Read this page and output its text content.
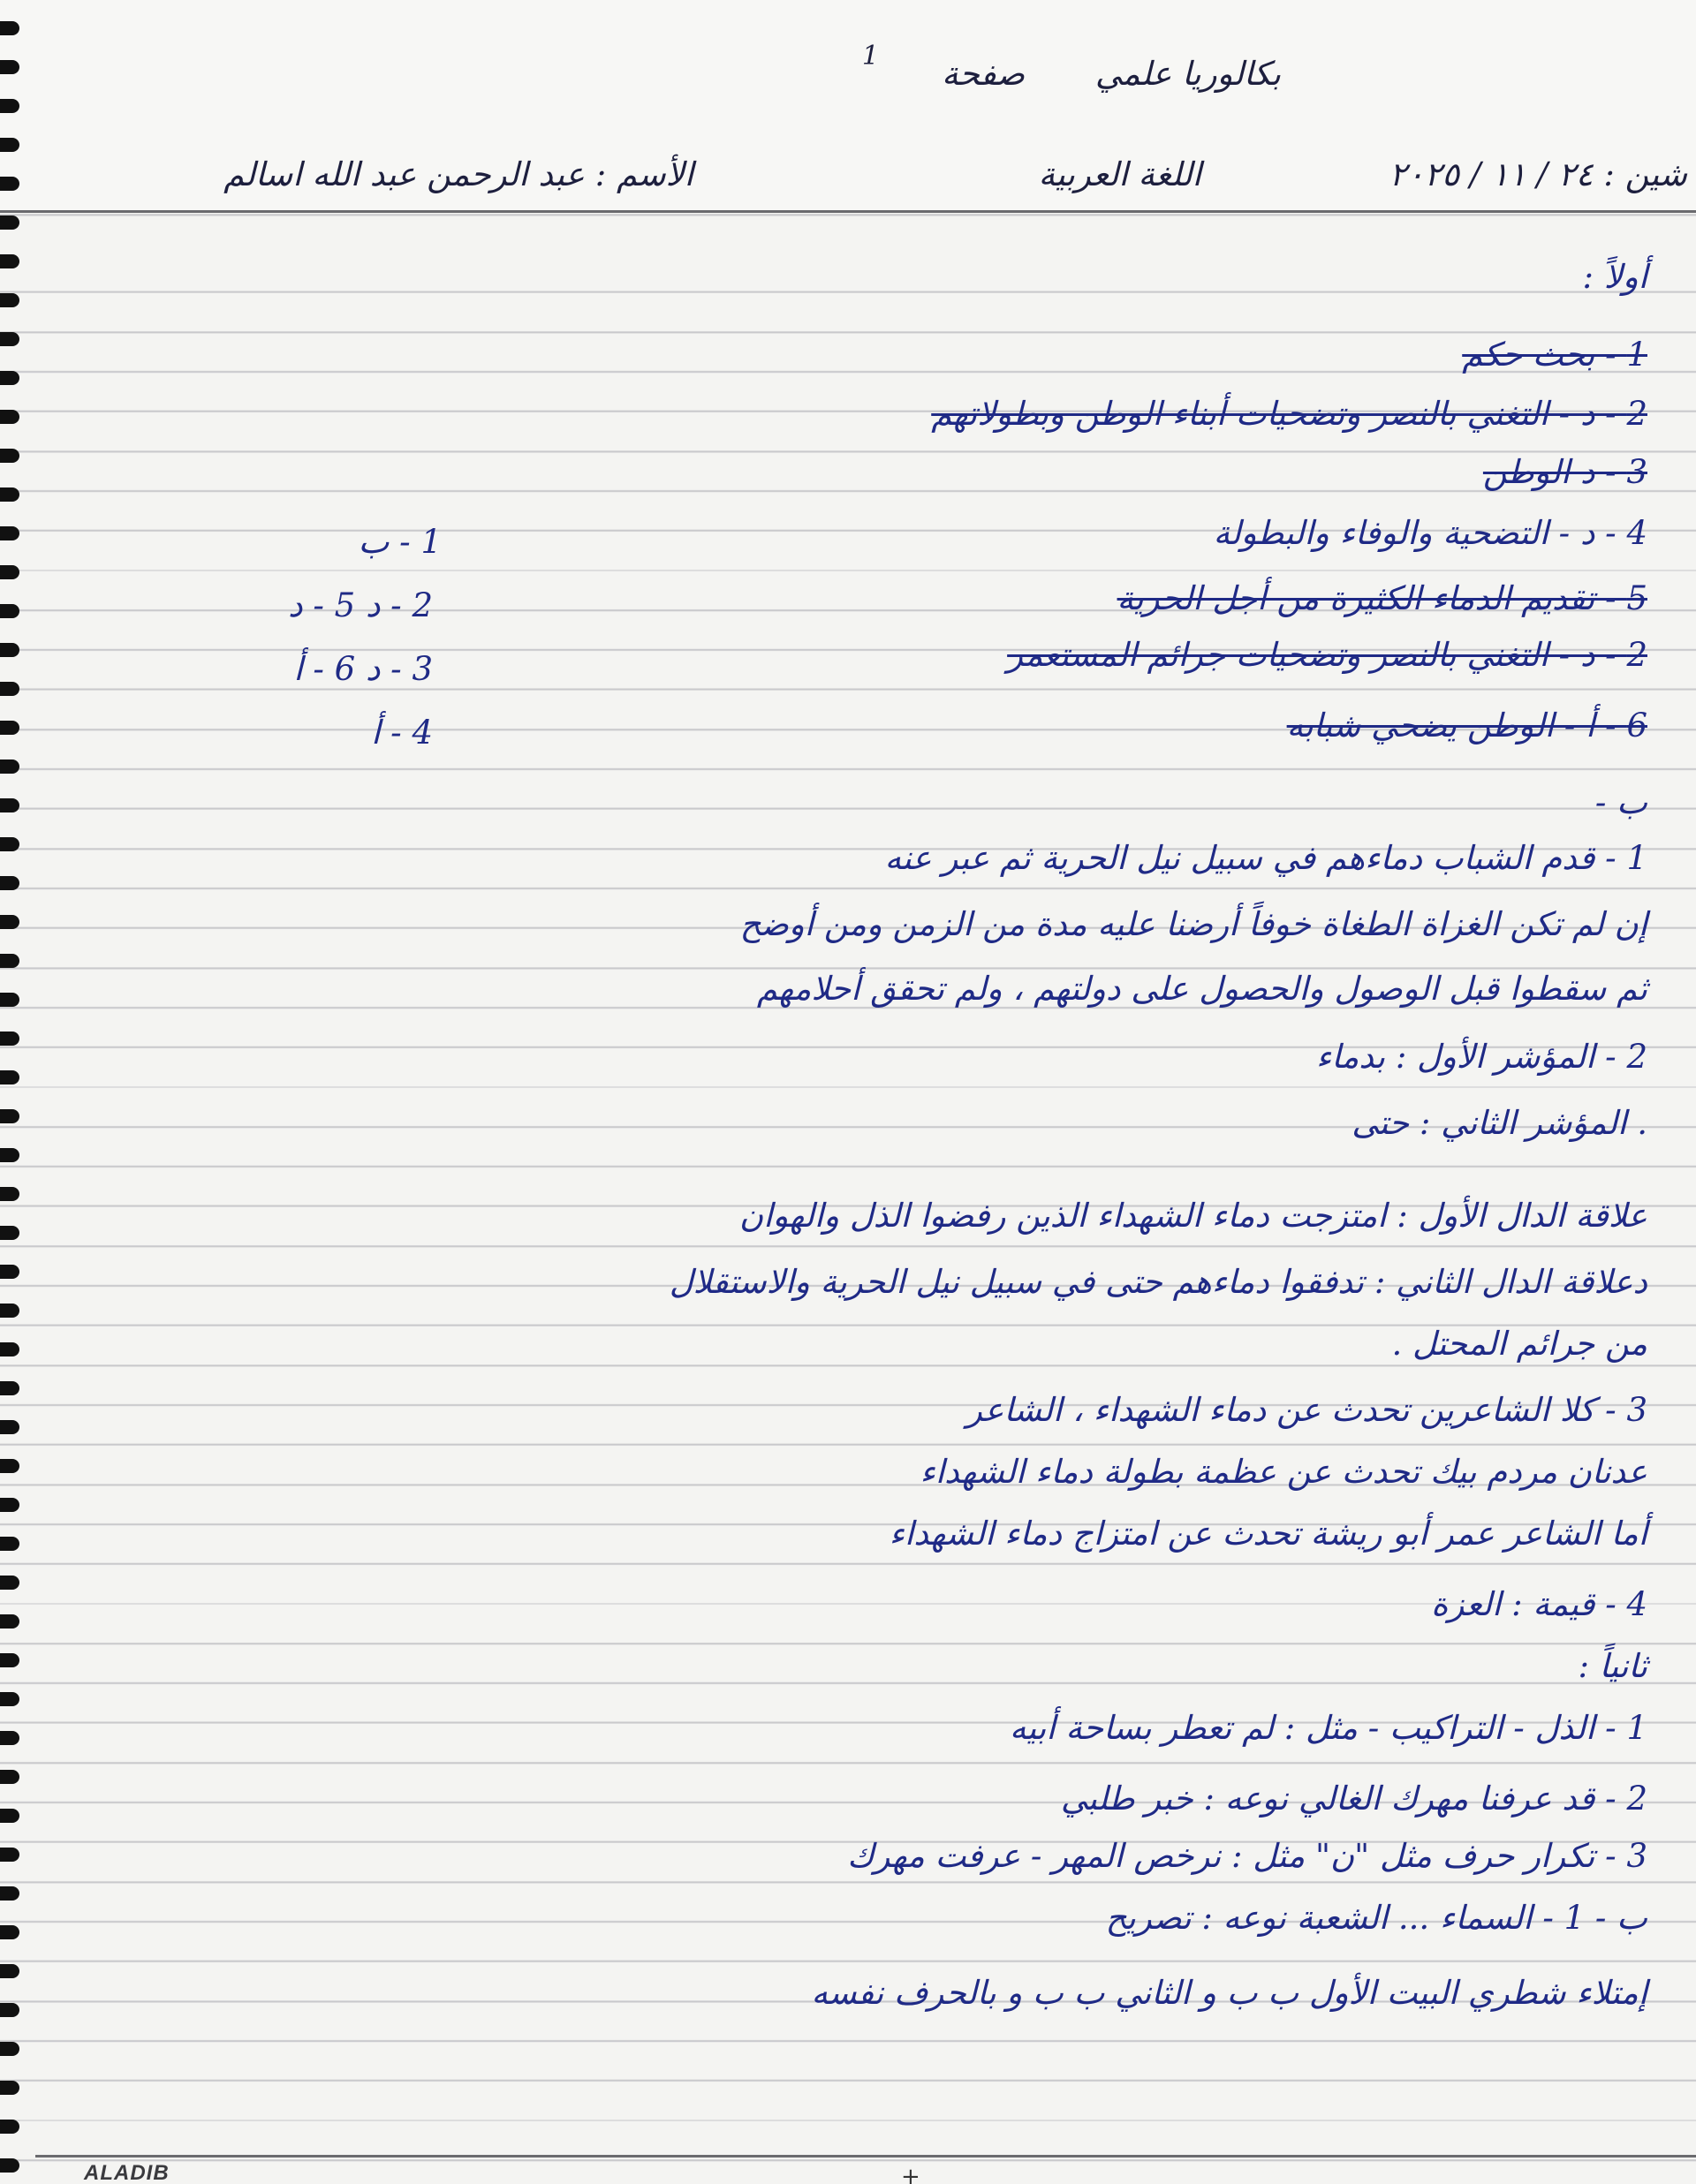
بكالوريا علمي
صفحة
1
شين : ٢٤ / ١١ / ٢٠٢٥
اللغة العربية
الأسم : عبد الرحمن عبد الله اسالم
أولاً :
1 - بحث حكم
2 - د - التغني بالنصر وتضحيات أبناء الوطن وبطولاتهم
3 - د الوطن
4 - د - التضحية والوفاء والبطولة
5 - تقديم الدماء الكثيرة من أجل الحرية
2 - د - التغني بالنصر وتضحيات جرائم المستعمر
6 - أ - الوطن يضحي شبابه
ب -
1 - قدم الشباب دماءهم في سبيل نيل الحرية ثم عبر عنه
إن لم تكن الغزاة الطغاة خوفاً أرضنا عليه مدة من الزمن ومن أوضح
ثم سقطوا قبل الوصول والحصول على دولتهم ، ولم تحقق أحلامهم
2 - المؤشر الأول : بدماء
. المؤشر الثاني : حتى
علاقة الدال الأول : امتزجت دماء الشهداء الذين رفضوا الذل والهوان
دعلاقة الدال الثاني : تدفقوا دماءهم حتى في سبيل نيل الحرية والاستقلال
من جرائم المحتل .
3 - كلا الشاعرين تحدث عن دماء الشهداء ، الشاعر
عدنان مردم بيك تحدث عن عظمة بطولة دماء الشهداء
أما الشاعر عمر أبو ريشة تحدث عن امتزاج دماء الشهداء
4 - قيمة : العزة
ثانياً :
1 - الذل - التراكيب - مثل : لم تعطر بساحة أبيه
2 - قد عرفنا مهرك الغالي نوعه : خبر طلبي
3 - تكرار حرف مثل "ن" مثل : نرخص المهر - عرفت مهرك
ب - 1 - السماء ... الشعبة نوعه : تصريح
إمتلاء شطري البيت الأول ب ب و الثاني ب ب و بالحرف نفسه
1 - ب
2 - د 5 - د
3 - د 6 - أ
4 - أ
ALADIB	+
